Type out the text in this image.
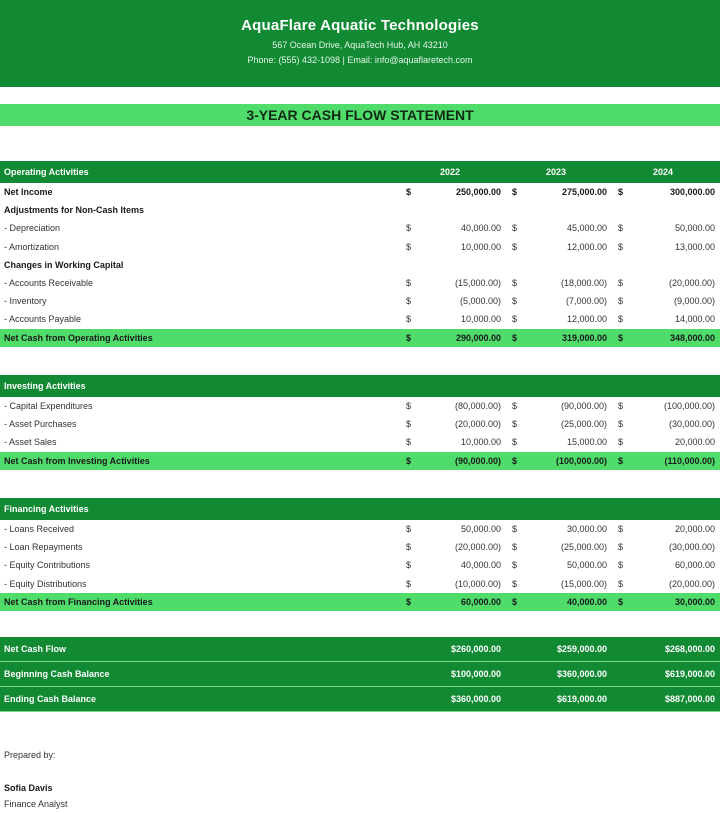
AquaFlare Aquatic Technologies
567 Ocean Drive, AquaTech Hub, AH 43210
Phone: (555) 432-1098 | Email: info@aquaflaretech.com
3-YEAR CASH FLOW STATEMENT
Operating Activities	2022	2023	2024
Net Income	$	250,000.00 $	275,000.00 $	300,000.00
Adjustments for Non-Cash Items
- Depreciation	$	40,000.00 $	45,000.00 $	50,000.00
- Amortization	$	10,000.00 $	12,000.00 $	13,000.00
Changes in Working Capital
- Accounts Receivable	$	(15,000.00) $	(18,000.00) $	(20,000.00)
- Inventory	$	(5,000.00) $	(7,000.00) $	(9,000.00)
- Accounts Payable	$	10,000.00 $	12,000.00 $	14,000.00
Net Cash from Operating Activities	$	290,000.00 $	319,000.00 $	348,000.00
Investing Activities
- Capital Expenditures	$	(80,000.00) $	(90,000.00) $	(100,000.00)
- Asset Purchases	$	(20,000.00) $	(25,000.00) $	(30,000.00)
- Asset Sales	$	10,000.00 $	15,000.00 $	20,000.00
Net Cash from Investing Activities	$	(90,000.00) $	(100,000.00) $	(110,000.00)
Financing Activities
- Loans Received	$	50,000.00 $	30,000.00 $	20,000.00
- Loan Repayments	$	(20,000.00) $	(25,000.00) $	(30,000.00)
- Equity Contributions	$	40,000.00 $	50,000.00 $	60,000.00
- Equity Distributions	$	(10,000.00) $	(15,000.00) $	(20,000.00)
Net Cash from Financing Activities	$	60,000.00 $	40,000.00 $	30,000.00
Net Cash Flow	$260,000.00	$259,000.00	$268,000.00
Beginning Cash Balance	$100,000.00	$360,000.00	$619,000.00
Ending Cash Balance	$360,000.00	$619,000.00	$887,000.00
Prepared by:
Sofia Davis
Finance Analyst
